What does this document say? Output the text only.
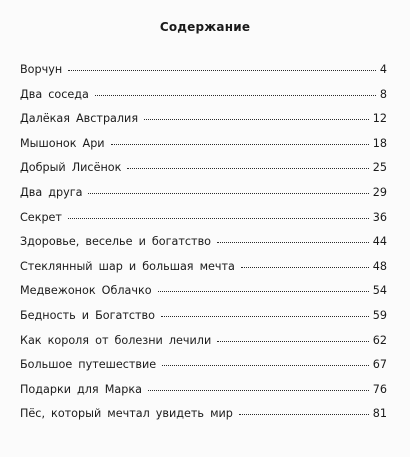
Содержание
Ворчун	4
Два соседа	8
Далёкая Австралия	12
Мышонок Ари	18
Добрый Лисёнок	25
Два друга	29
Секрет	36
Здоровье, веселье и богатство	44
Стеклянный шар и большая мечта	48
Медвежонок Облачко	54
Бедность и Богатство	59
Как короля от болезни лечили	62
Большое путешествие	67
Подарки для Марка	76
Пёс, который мечтал увидеть мир	81
